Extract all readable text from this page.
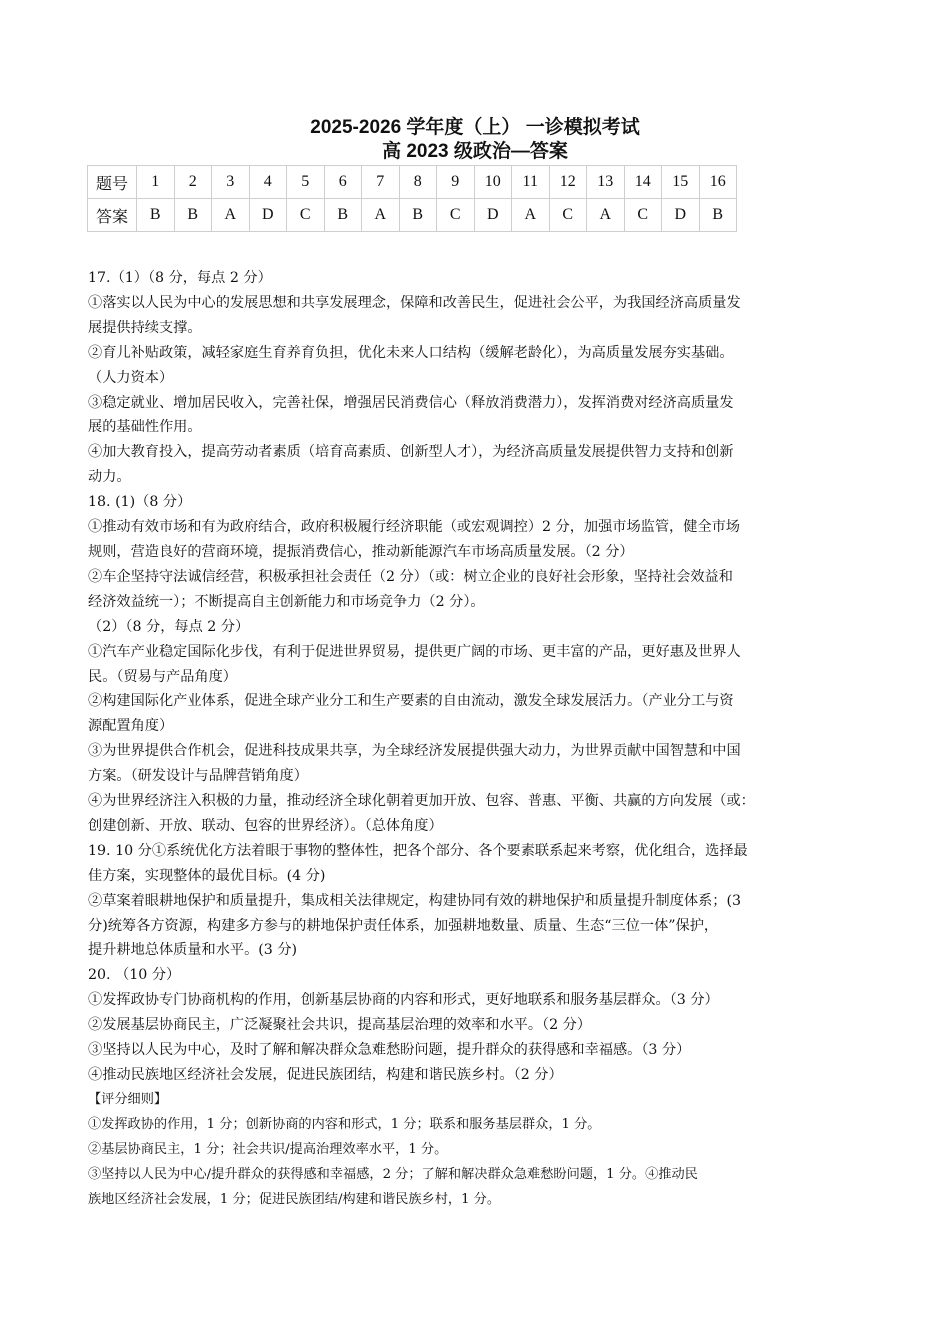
2025-2026 学年度（上） 一诊模拟考试
高 2023 级政治—答案
题号	1	2	3	4	5	6	7	8	9	10	11	12	13	14	15	16
答案	B	B	A	D	C	B	A	B	C	D	A	C	A	C	D	B

17.（1）（8 分，每点 2 分）

①落实以人民为中心的发展思想和共享发展理念，保障和改善民生，促进社会公平，为我国经济高质量发

展提供持续支撑。

②育儿补贴政策，减轻家庭生育养育负担，优化未来人口结构（缓解老龄化），为高质量发展夯实基础。

（人力资本）

③稳定就业、增加居民收入，完善社保，增强居民消费信心（释放消费潜力），发挥消费对经济高质量发

展的基础性作用。

④加大教育投入，提高劳动者素质（培育高素质、创新型人才），为经济高质量发展提供智力支持和创新

动力。

18. (1)（8 分）

①推动有效市场和有为政府结合，政府积极履行经济职能（或宏观调控）2 分，加强市场监管，健全市场

规则，营造良好的营商环境，提振消费信心，推动新能源汽车市场高质量发展。（2 分）

②车企坚持守法诚信经营，积极承担社会责任（2 分）（或：树立企业的良好社会形象，坚持社会效益和

经济效益统一）；不断提高自主创新能力和市场竞争力（2 分）。

（2）（8 分，每点 2 分）

①汽车产业稳定国际化步伐，有利于促进世界贸易，提供更广阔的市场、更丰富的产品，更好惠及世界人

民。（贸易与产品角度）

②构建国际化产业体系，促进全球产业分工和生产要素的自由流动，激发全球发展活力。（产业分工与资

源配置角度）

③为世界提供合作机会，促进科技成果共享，为全球经济发展提供强大动力，为世界贡献中国智慧和中国

方案。（研发设计与品牌营销角度）

④为世界经济注入积极的力量，推动经济全球化朝着更加开放、包容、普惠、平衡、共赢的方向发展（或：

创建创新、开放、联动、包容的世界经济）。（总体角度）

19. 10 分①系统优化方法着眼于事物的整体性，把各个部分、各个要素联系起来考察，优化组合，选择最

佳方案，实现整体的最优目标。(4 分)

②草案着眼耕地保护和质量提升，集成相关法律规定，构建协同有效的耕地保护和质量提升制度体系；(3

分)统筹各方资源，构建多方参与的耕地保护责任体系，加强耕地数量、质量、生态“三位一体”保护，

提升耕地总体质量和水平。(3 分)

20. （10 分）

①发挥政协专门协商机构的作用，创新基层协商的内容和形式，更好地联系和服务基层群众。（3 分）

②发展基层协商民主，广泛凝聚社会共识，提高基层治理的效率和水平。（2 分）

③坚持以人民为中心，及时了解和解决群众急难愁盼问题，提升群众的获得感和幸福感。（3 分）

④推动民族地区经济社会发展，促进民族团结，构建和谐民族乡村。（2 分）

【评分细则】

①发挥政协的作用，1 分；创新协商的内容和形式，1 分；联系和服务基层群众，1 分。

②基层协商民主，1 分；社会共识/提高治理效率水平，1 分。

③坚持以人民为中心/提升群众的获得感和幸福感，2 分；了解和解决群众急难愁盼问题，1 分。④推动民

族地区经济社会发展，1 分；促进民族团结/构建和谐民族乡村，1 分。
